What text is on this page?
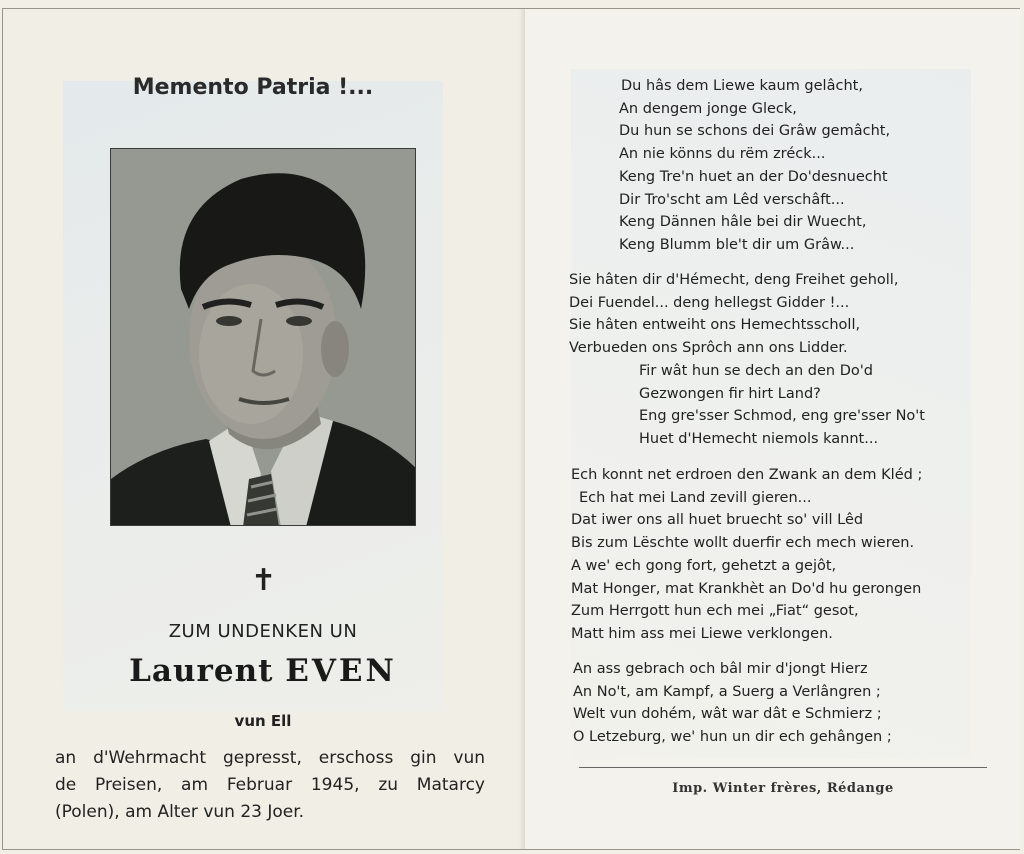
Memento Patria !...
✝
ZUM UNDENKEN UN
Laurent EVEN
vun Ell
an d'Wehrmacht gepresst, erschoss gin vun
de Preisen, am Februar 1945, zu Matarcy
(Polen), am Alter vun 23 Joer.
Du hâs dem Liewe kaum gelâcht,
An dengem jonge Gleck,
Du hun se schons dei Grâw gemâcht,
An nie könns du rëm zréck...
Keng Tre'n huet an der Do'desnuecht
Dir Tro'scht am Lêd verschâft...
Keng Dännen hâle bei dir Wuecht,
Keng Blumm ble't dir um Grâw...
Sie hâten dir d'Hémecht, deng Freihet geholl,
Dei Fuendel... deng hellegst Gidder !...
Sie hâten entweiht ons Hemechtsscholl,
Verbueden ons Sprôch ann ons Lidder.
Fir wât hun se dech an den Do'd
Gezwongen fir hirt Land?
Eng gre'sser Schmod, eng gre'sser No't
Huet d'Hemecht niemols kannt...
Ech konnt net erdroen den Zwank an dem Kléd ;
Ech hat mei Land zevill gieren...
Dat iwer ons all huet bruecht so' vill Lêd
Bis zum Lëschte wollt duerfir ech mech wieren.
A we' ech gong fort, gehetzt a gejôt,
Mat Honger, mat Krankhèt an Do'd hu gerongen
Zum Herrgott hun ech mei „Fiat“ gesot,
Matt him ass mei Liewe verklongen.
An ass gebrach och bâl mir d'jongt Hierz
An No't, am Kampf, a Suerg a Verlângren ;
Welt vun dohém, wât war dât e Schmierz ;
O Letzeburg, we' hun un dir ech gehângen ;
Imp. Winter frères, Rédange
